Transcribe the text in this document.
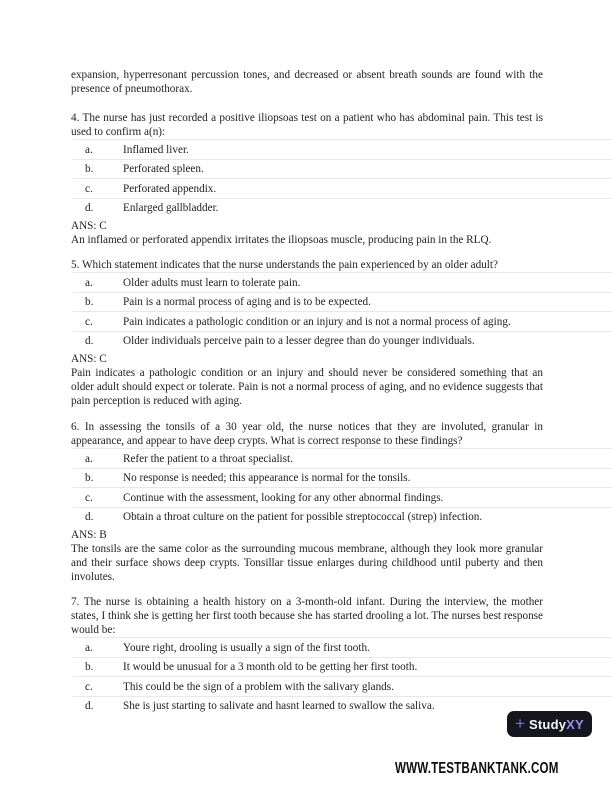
expansion, hyperresonant percussion tones, and decreased or absent breath sounds are found with the presence of pneumothorax.

4. The nurse has just recorded a positive iliopsoas test on a patient who has abdominal pain. This test is used to confirm a(n):

a.	Inflamed liver.
b.	Perforated spleen.
c.	Perforated appendix.
d.	Enlarged gallbladder.

ANS: C

An inflamed or perforated appendix irritates the iliopsoas muscle, producing pain in the RLQ.

5. Which statement indicates that the nurse understands the pain experienced by an older adult?

a.	Older adults must learn to tolerate pain.
b.	Pain is a normal process of aging and is to be expected.
c.	Pain indicates a pathologic condition or an injury and is not a normal process of aging.
d.	Older individuals perceive pain to a lesser degree than do younger individuals.

ANS: C

Pain indicates a pathologic condition or an injury and should never be considered something that an older adult should expect or tolerate. Pain is not a normal process of aging, and no evidence suggests that pain perception is reduced with aging.

6. In assessing the tonsils of a 30 year old, the nurse notices that they are involuted, granular in appearance, and appear to have deep crypts. What is correct response to these findings?

a.	Refer the patient to a throat specialist.
b.	No response is needed; this appearance is normal for the tonsils.
c.	Continue with the assessment, looking for any other abnormal findings.
d.	Obtain a throat culture on the patient for possible streptococcal (strep) infection.

ANS: B

The tonsils are the same color as the surrounding mucous membrane, although they look more granular and their surface shows deep crypts. Tonsillar tissue enlarges during childhood until puberty and then involutes.

7. The nurse is obtaining a health history on a 3-month-old infant. During the interview, the mother states, I think she is getting her first tooth because she has started drooling a lot. The nurses best response would be:

a.	Youre right, drooling is usually a sign of the first tooth.
b.	It would be unusual for a 3 month old to be getting her first tooth.
c.	This could be the sign of a problem with the salivary glands.
d.	She is just starting to salivate and hasnt learned to swallow the saliva.
+ StudyXY
WWW.TESTBANKTANK.COM
